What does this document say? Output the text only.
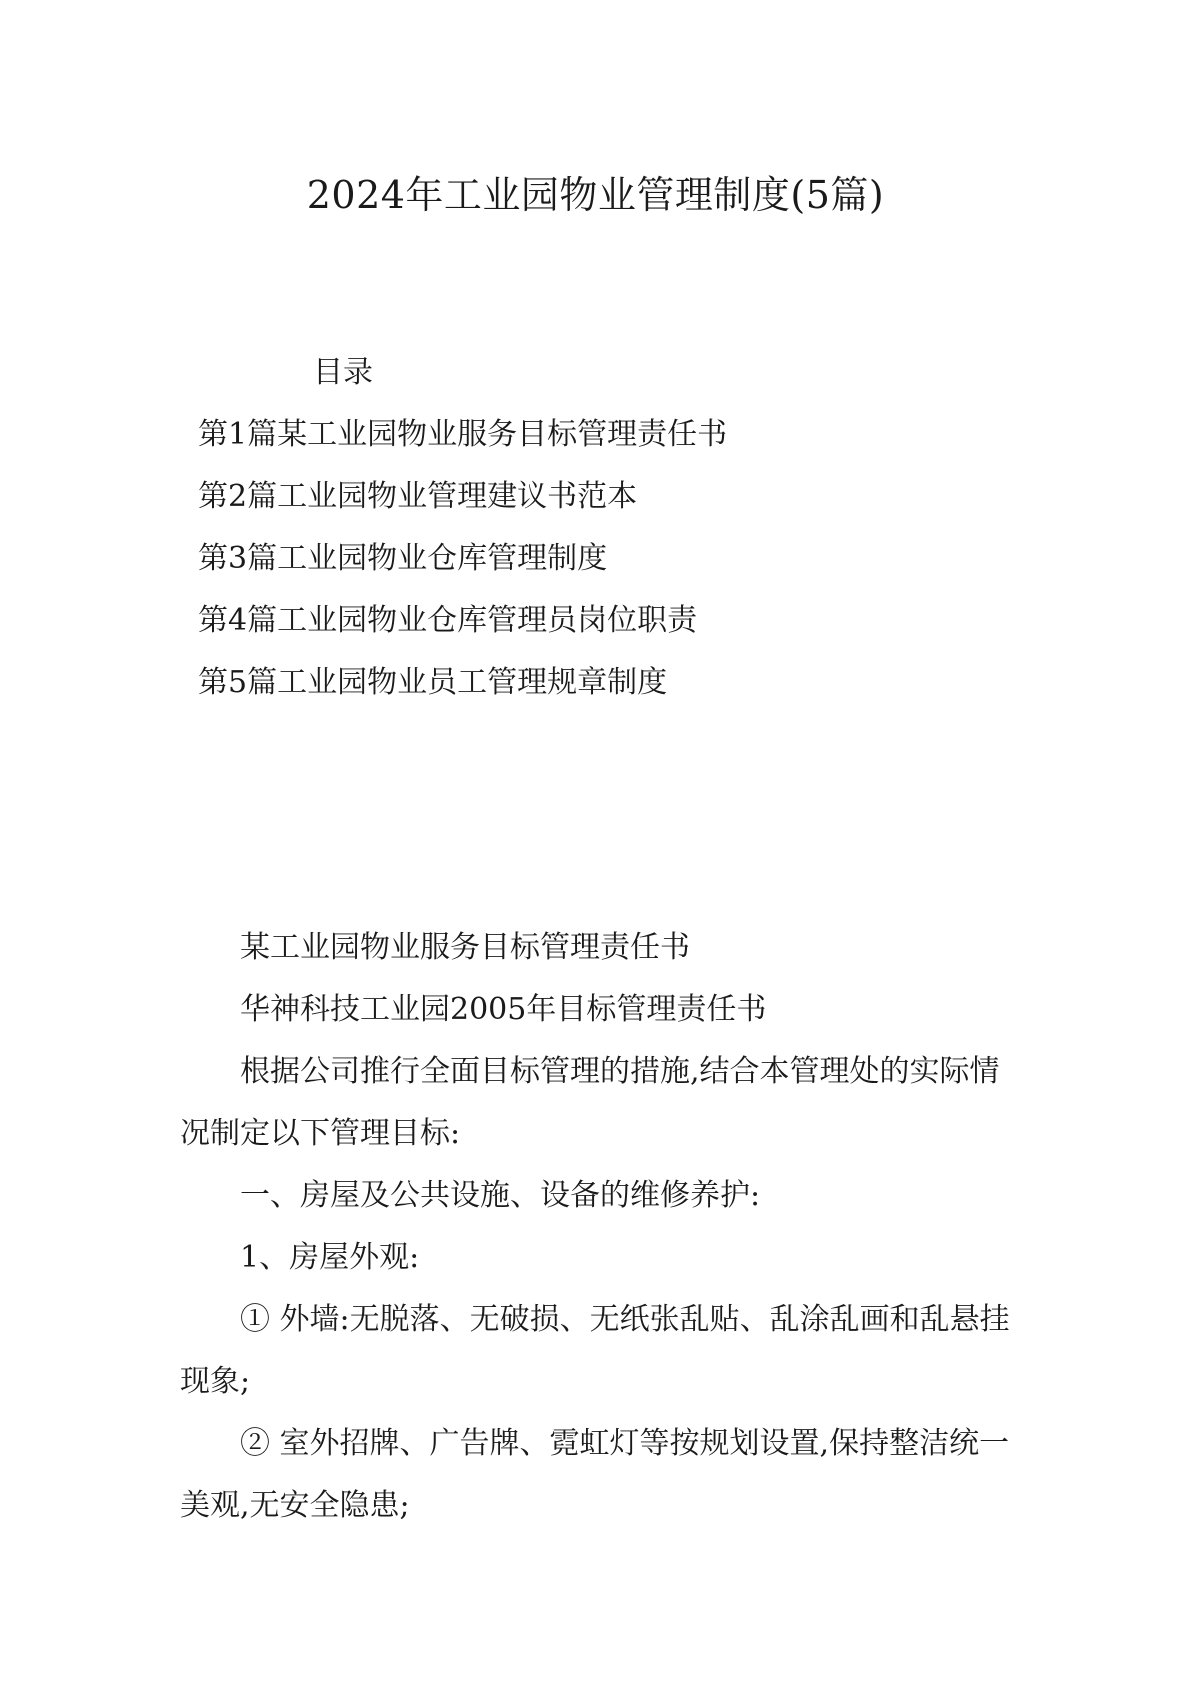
2024年工业园物业管理制度(5篇)
目录
第1篇某工业园物业服务目标管理责任书
第2篇工业园物业管理建议书范本
第3篇工业园物业仓库管理制度
第4篇工业园物业仓库管理员岗位职责
第5篇工业园物业员工管理规章制度

某工业园物业服务目标管理责任书

华神科技工业园2005年目标管理责任书

根据公司推行全面目标管理的措施,结合本管理处的实际情况制定以下管理目标:

一、房屋及公共设施、设备的维修养护:

1、房屋外观:

① 外墙:无脱落、无破损、无纸张乱贴、乱涂乱画和乱悬挂现象;

② 室外招牌、广告牌、霓虹灯等按规划设置,保持整洁统一美观,无安全隐患;
